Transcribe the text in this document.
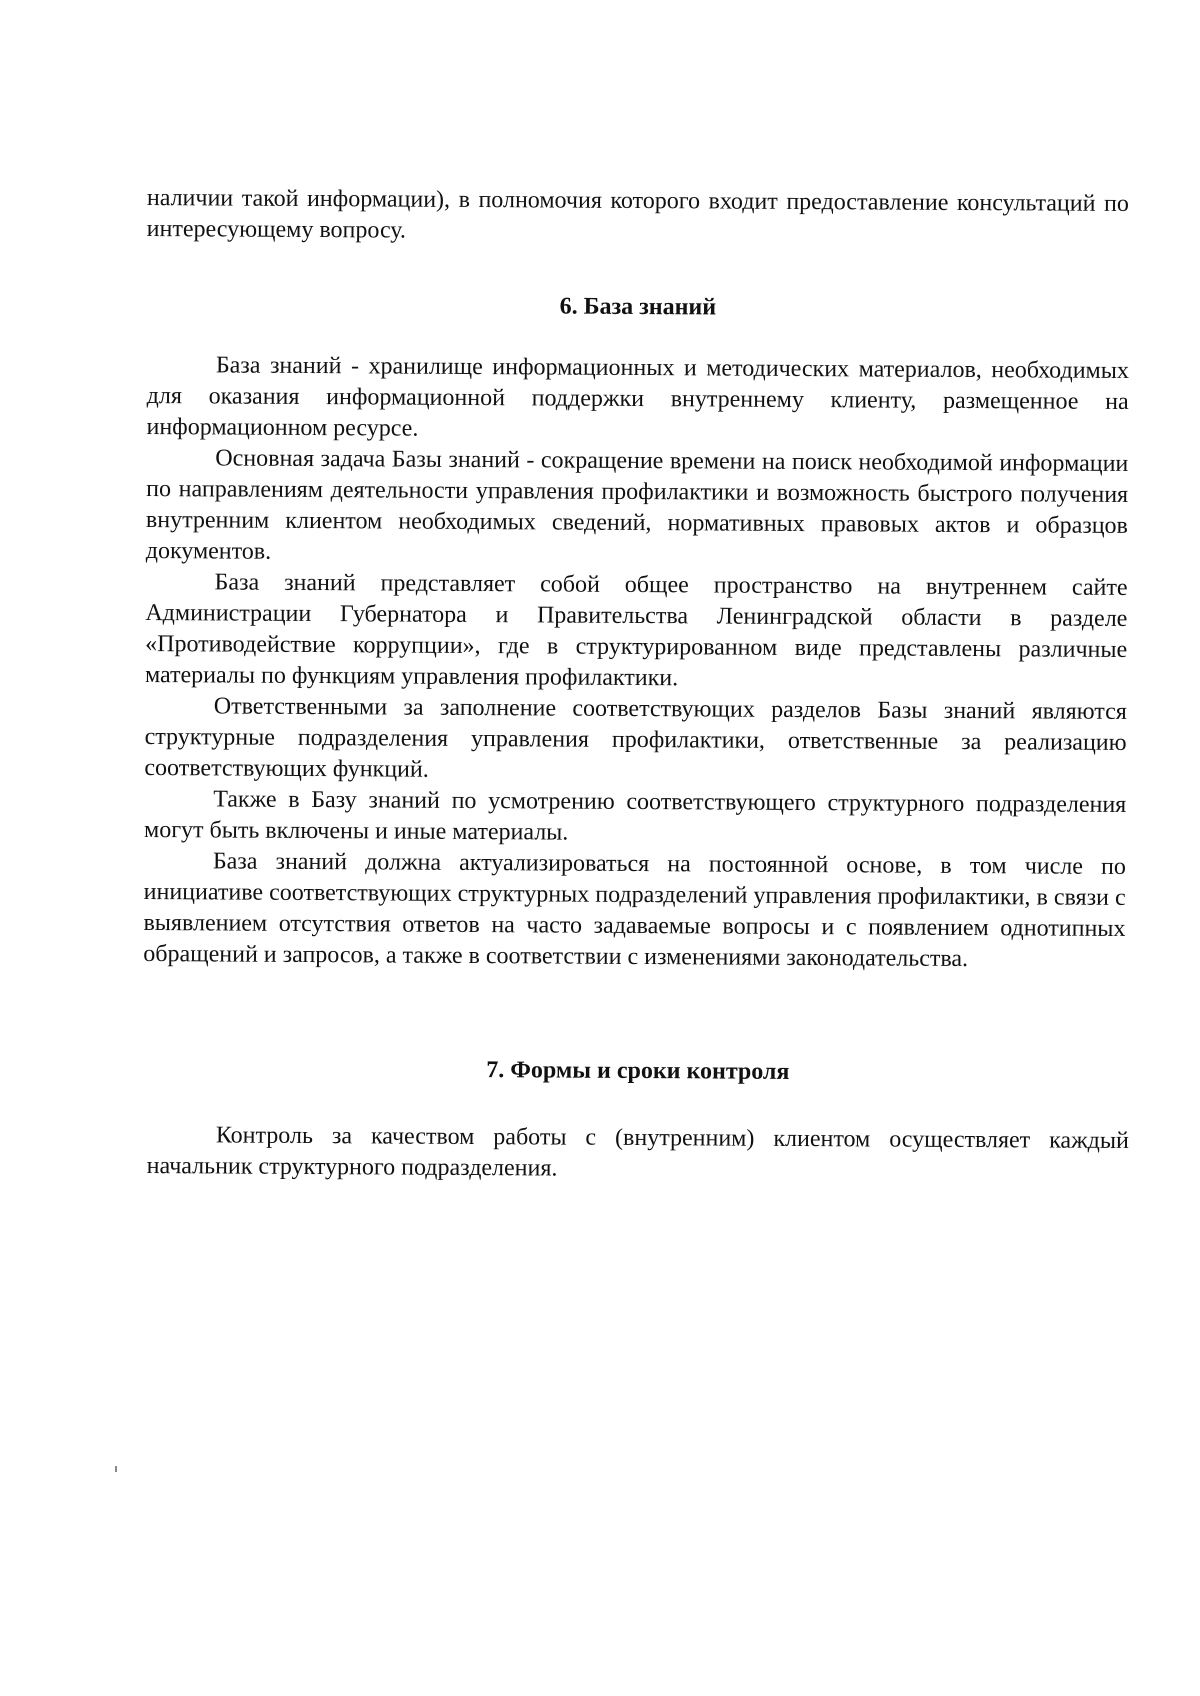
наличии такой информации), в полномочия которого входит предоставление консультаций по интересующему вопросу.

6. База знаний

База знаний - хранилище информационных и методических материалов, необходимых для оказания информационной поддержки внутреннему клиенту, размещенное на информационном ресурсе.

Основная задача Базы знаний - сокращение времени на поиск необходимой информации по направлениям деятельности управления профилактики и возможность быстрого получения внутренним клиентом необходимых сведений, нормативных правовых актов и образцов документов.

База знаний представляет собой общее пространство на внутреннем сайте Администрации Губернатора и Правительства Ленинградской области в разделе «Противодействие коррупции», где в структурированном виде представлены различные материалы по функциям управления профилактики.

Ответственными за заполнение соответствующих разделов Базы знаний являются структурные подразделения управления профилактики, ответственные за реализацию соответствующих функций.

Также в Базу знаний по усмотрению соответствующего структурного подразделения могут быть включены и иные материалы.

База знаний должна актуализироваться на постоянной основе, в том числе по инициативе соответствующих структурных подразделений управления профилактики, в связи с выявлением отсутствия ответов на часто задаваемые вопросы и с появлением однотипных обращений и запросов, а также в соответствии с изменениями законодательства.

7. Формы и сроки контроля

Контроль за качеством работы с (внутренним) клиентом осуществляет каждый начальник структурного подразделения.
